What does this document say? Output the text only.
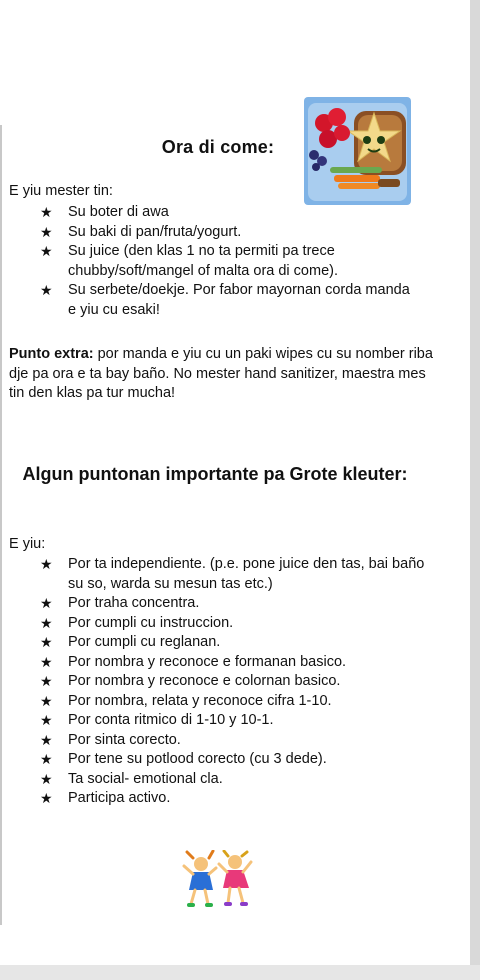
Ora di come:
E yiu mester tin:
★ Su boter di awa
★ Su baki di pan/fruta/yogurt.
★ Su juice (den klas 1 no ta permiti pa trece chubby/soft/mangel of malta ora di come).
★ Su serbete/doekje. Por fabor mayornan corda manda e yiu cu esaki!
Punto extra: por manda e yiu cu un paki wipes cu su nomber riba dje pa ora e ta bay baño. No mester hand sanitizer, maestra mes tin den klas pa tur mucha!
Algun puntonan importante pa Grote kleuter:
E yiu:
★ Por ta independiente. (p.e. pone juice den tas, bai baño su so, warda su mesun tas etc.)
★ Por traha concentra.
★ Por cumpli cu instruccion.
★ Por cumpli cu reglanan.
★ Por nombra y reconoce e formanan basico.
★ Por nombra y reconoce e colornan basico.
★ Por nombra, relata y reconoce cifra 1-10.
★ Por conta ritmico di 1-10 y 10-1.
★ Por sinta corecto.
★ Por tene su potlood corecto (cu 3 dede).
★ Ta social- emotional cla.
★ Participa activo.
